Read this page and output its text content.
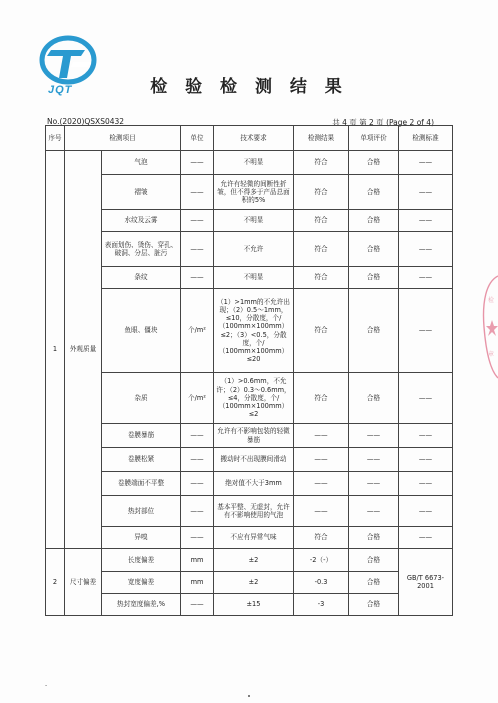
JQT	检 验 检 测 结 果
No.(2020)QSXS0432	共 4 页 第 2 页 (Page 2 of 4)
序号	检测项目		单位	技术要求	检测结果	单项评价	检测标准
1	外观质量	气泡	——	不明显	符合	合格	——
		褶皱	——	允许有轻微的间断性折皱，但不得多于产品总面积的5%	符合	合格	——
		水纹及云雾	——	不明显	符合	合格	——
		表面划伤、烫伤、穿孔、破洞、分层、脏污	——	不允许	符合	合格	——
		条纹	——	不明显	符合	合格	——
		鱼眼、僵块	个/m²	（1）>1mm的不允许出现；（2）0.5～1mm，≤10，分散度，个/（100mm×100mm）≤2；（3）<0.5，分散度，个/（100mm×100mm）≤20	符合	合格	——
		杂质	个/m²	（1）>0.6mm，不允许；（2）0.3～0.6mm，≤4，分散度，个/（100mm×100mm）≤2	符合	合格	——
		卷膜暴筋	——	允许有不影响包装的轻微暴筋	——	——	——
		卷膜松紧	——	搬动时不出现膜间滑动	——	——	——
		卷膜端面不平整	——	绝对值不大于3mm	——	——	——
		热封部位	——	基本平整、无虚封，允许有不影响使用的气泡	——	——	——
		异嗅	——	不应有异常气味	符合	合格	——
2	尺寸偏差	长度偏差	mm	±2	-2（-）	合格	GB/T 6673-2001
		宽度偏差	mm	±2	-0.3	合格	
		热封宽度偏差,%	——	±15	-3	合格	
检
章
-
